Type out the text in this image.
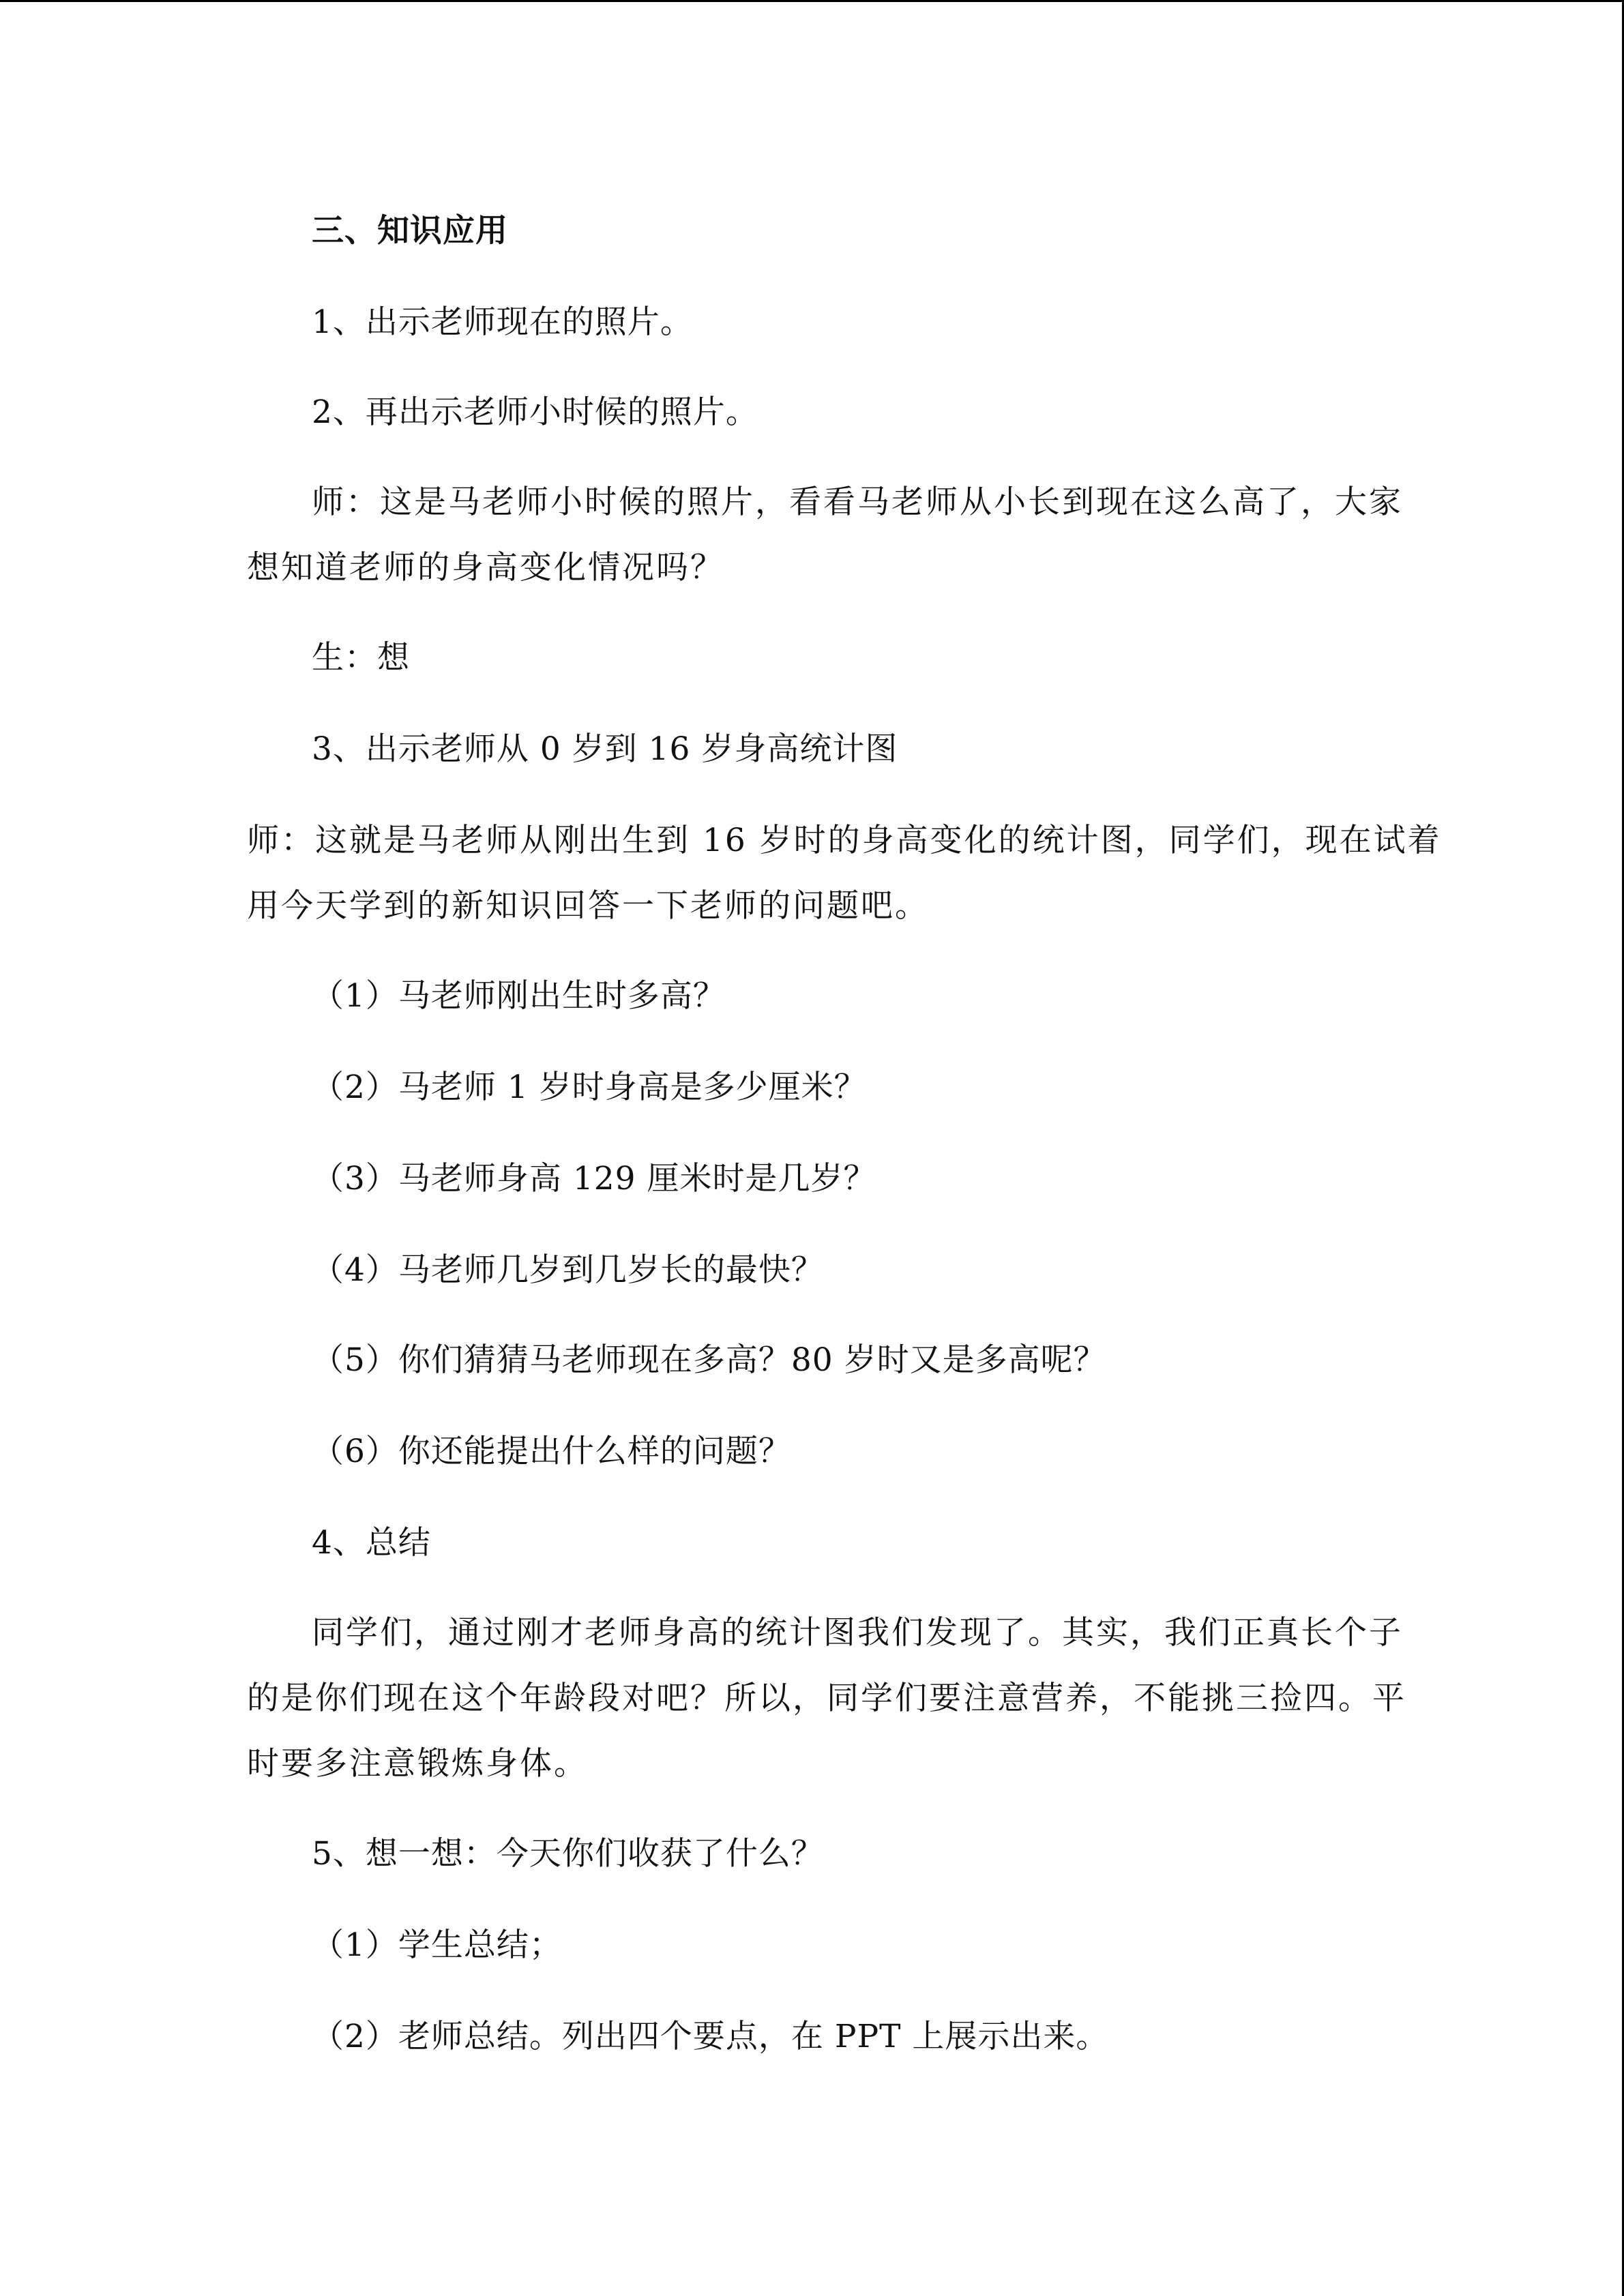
三、知识应用
1、出示老师现在的照片。
2、再出示老师小时候的照片。
师：这是马老师小时候的照片，看看马老师从小长到现在这么高了，大家
想知道老师的身高变化情况吗？
生：想
3、出示老师从 0 岁到 16 岁身高统计图
师：这就是马老师从刚出生到 16 岁时的身高变化的统计图，同学们，现在试着
用今天学到的新知识回答一下老师的问题吧。
（1）马老师刚出生时多高？
（2）马老师 1 岁时身高是多少厘米？
（3）马老师身高 129 厘米时是几岁？
（4）马老师几岁到几岁长的最快？
（5）你们猜猜马老师现在多高？80 岁时又是多高呢？
（6）你还能提出什么样的问题？
4、总结
同学们，通过刚才老师身高的统计图我们发现了。其实，我们正真长个子
的是你们现在这个年龄段对吧？所以，同学们要注意营养，不能挑三捡四。平
时要多注意锻炼身体。
5、想一想：今天你们收获了什么？
（1）学生总结；
（2）老师总结。列出四个要点，在 PPT 上展示出来。
